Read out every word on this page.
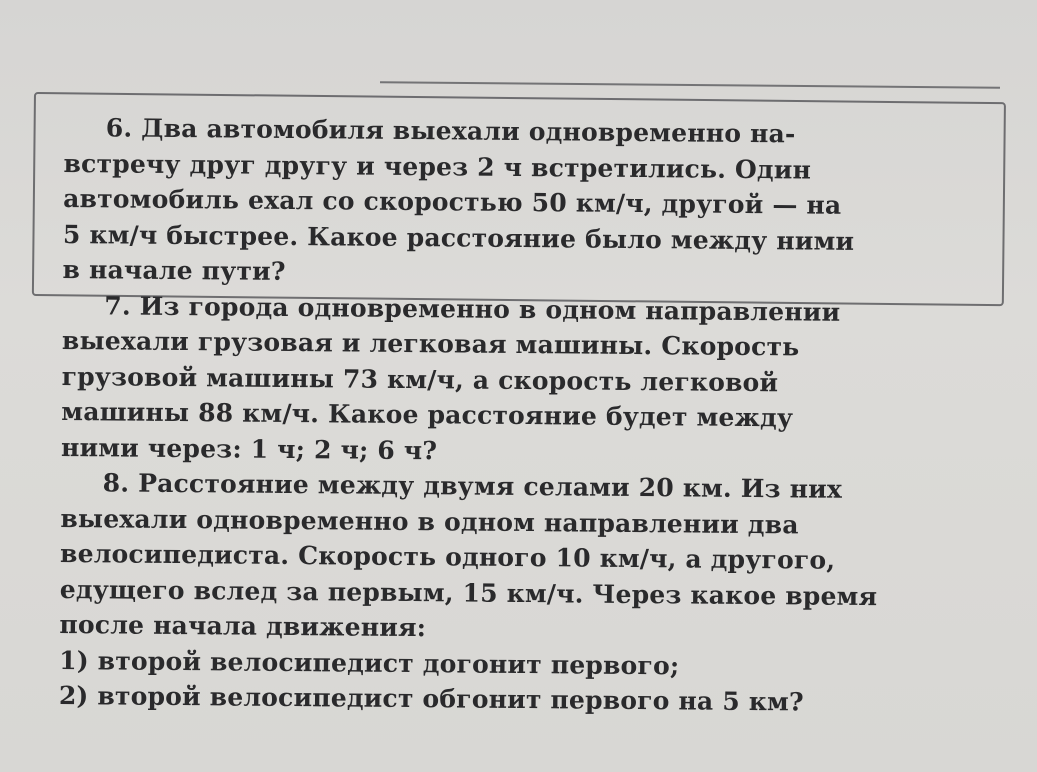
6. Два автомобиля выехали одновременно на-
встречу друг другу и через 2 ч встретились. Один
автомобиль ехал со скоростью 50 км/ч, другой — на
5 км/ч быстрее. Какое расстояние было между ними
в начале пути?
7. Из города одновременно в одном направлении
выехали грузовая и легковая машины. Скорость
грузовой машины 73 км/ч, а скорость легковой
машины 88 км/ч. Какое расстояние будет между
ними через: 1 ч; 2 ч; 6 ч?
8. Расстояние между двумя селами 20 км. Из них
выехали одновременно в одном направлении два
велосипедиста. Скорость одного 10 км/ч, а другого,
едущего вслед за первым, 15 км/ч. Через какое время
после начала движения:
1) второй велосипедист догонит первого;
2) второй велосипедист обгонит первого на 5 км?
